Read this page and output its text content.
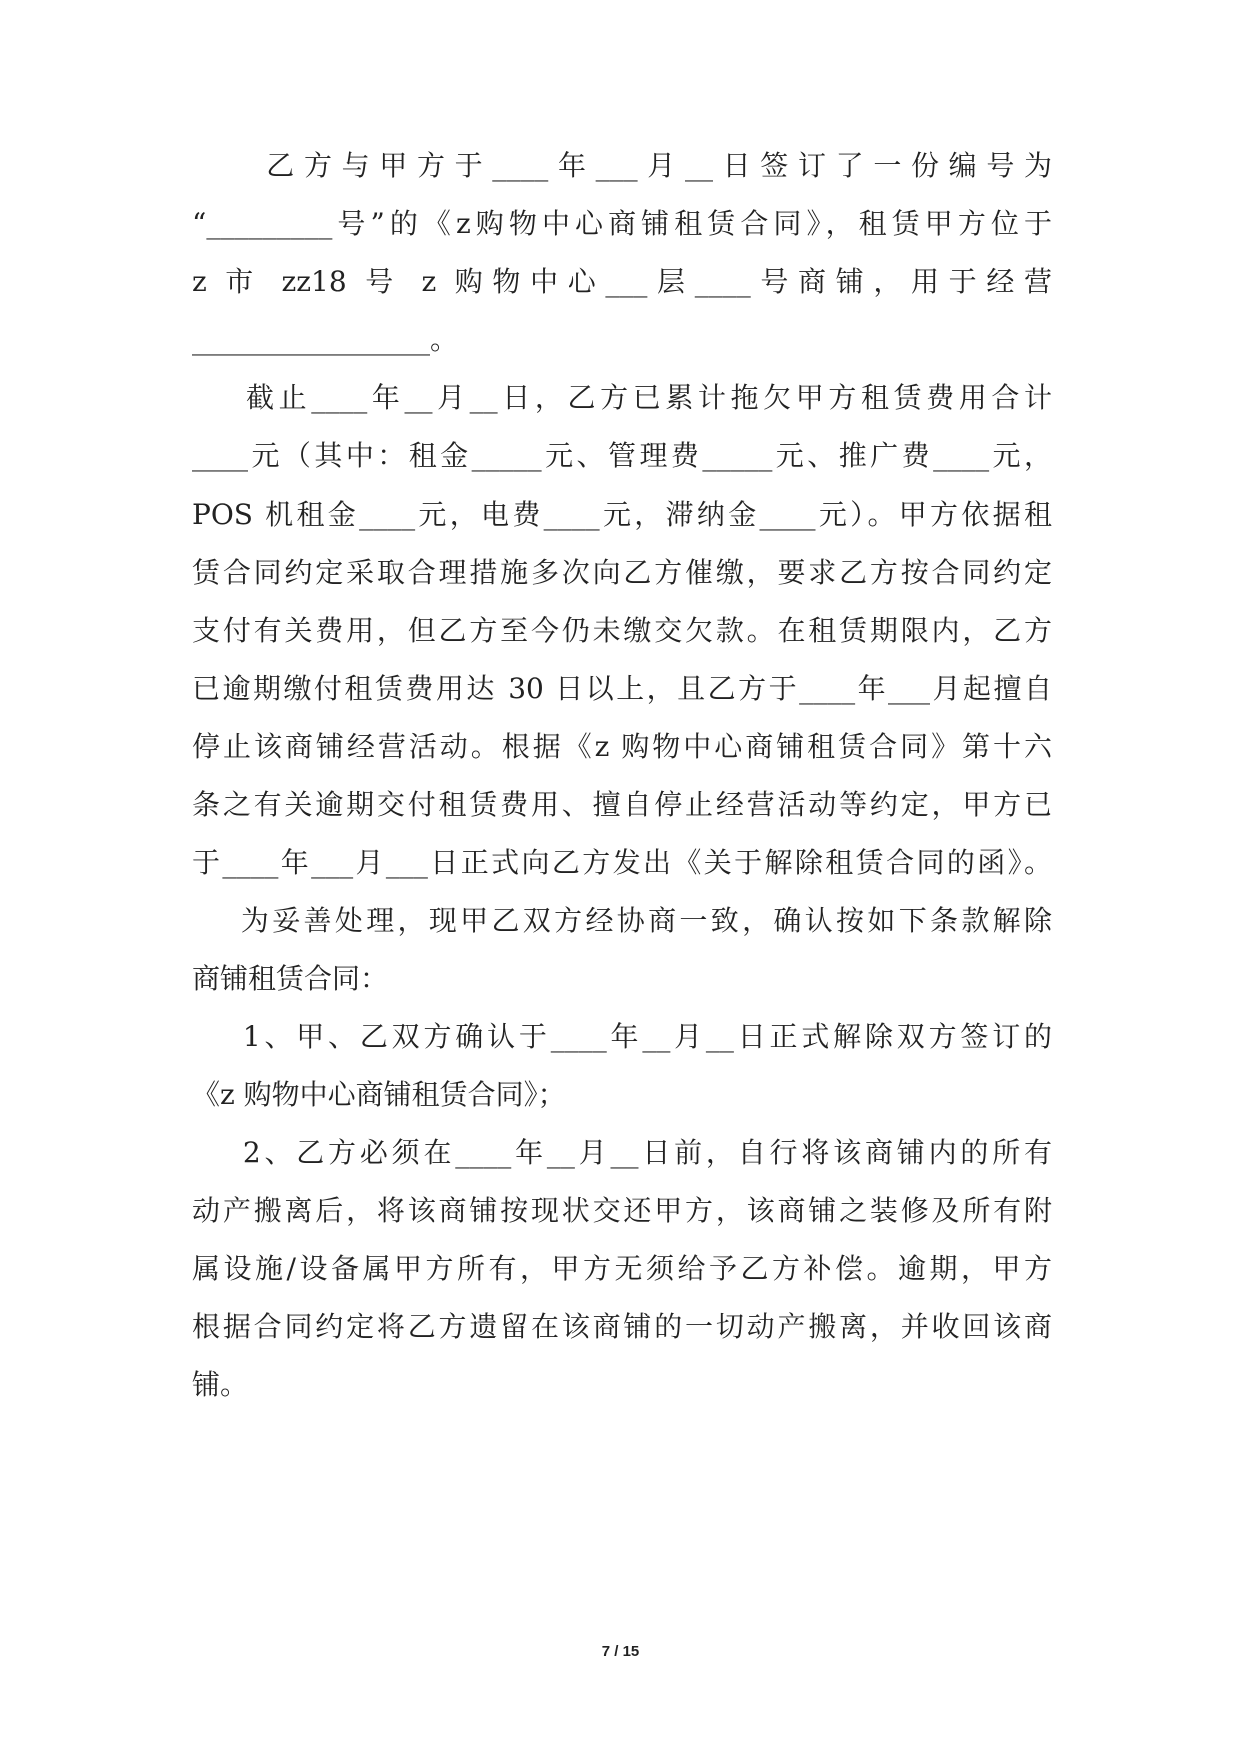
乙方与甲方于____年___月__日签订了一份编号为
“_________号”的《z购物中心商铺租赁合同》，租赁甲方位于
z 市 zz18 号 z 购物中心___层____号商铺，用于经营
_________________。
截止____年__月__日，乙方已累计拖欠甲方租赁费用合计
____元（其中：租金_____元、管理费_____元、推广费____元，
POS 机租金____元，电费____元，滞纳金____元）。甲方依据租
赁合同约定采取合理措施多次向乙方催缴，要求乙方按合同约定
支付有关费用，但乙方至今仍未缴交欠款。在租赁期限内，乙方
已逾期缴付租赁费用达 30 日以上，且乙方于____年___月起擅自
停止该商铺经营活动。根据《z 购物中心商铺租赁合同》第十六
条之有关逾期交付租赁费用、擅自停止经营活动等约定，甲方已
于____年___月___日正式向乙方发出《关于解除租赁合同的函》。
为妥善处理，现甲乙双方经协商一致，确认按如下条款解除
商铺租赁合同：
1、甲、乙双方确认于____年__月__日正式解除双方签订的
《z 购物中心商铺租赁合同》；
2、乙方必须在____年__月__日前，自行将该商铺内的所有
动产搬离后，将该商铺按现状交还甲方，该商铺之装修及所有附
属设施/设备属甲方所有，甲方无须给予乙方补偿。逾期，甲方
根据合同约定将乙方遗留在该商铺的一切动产搬离，并收回该商
铺。
7 / 15
